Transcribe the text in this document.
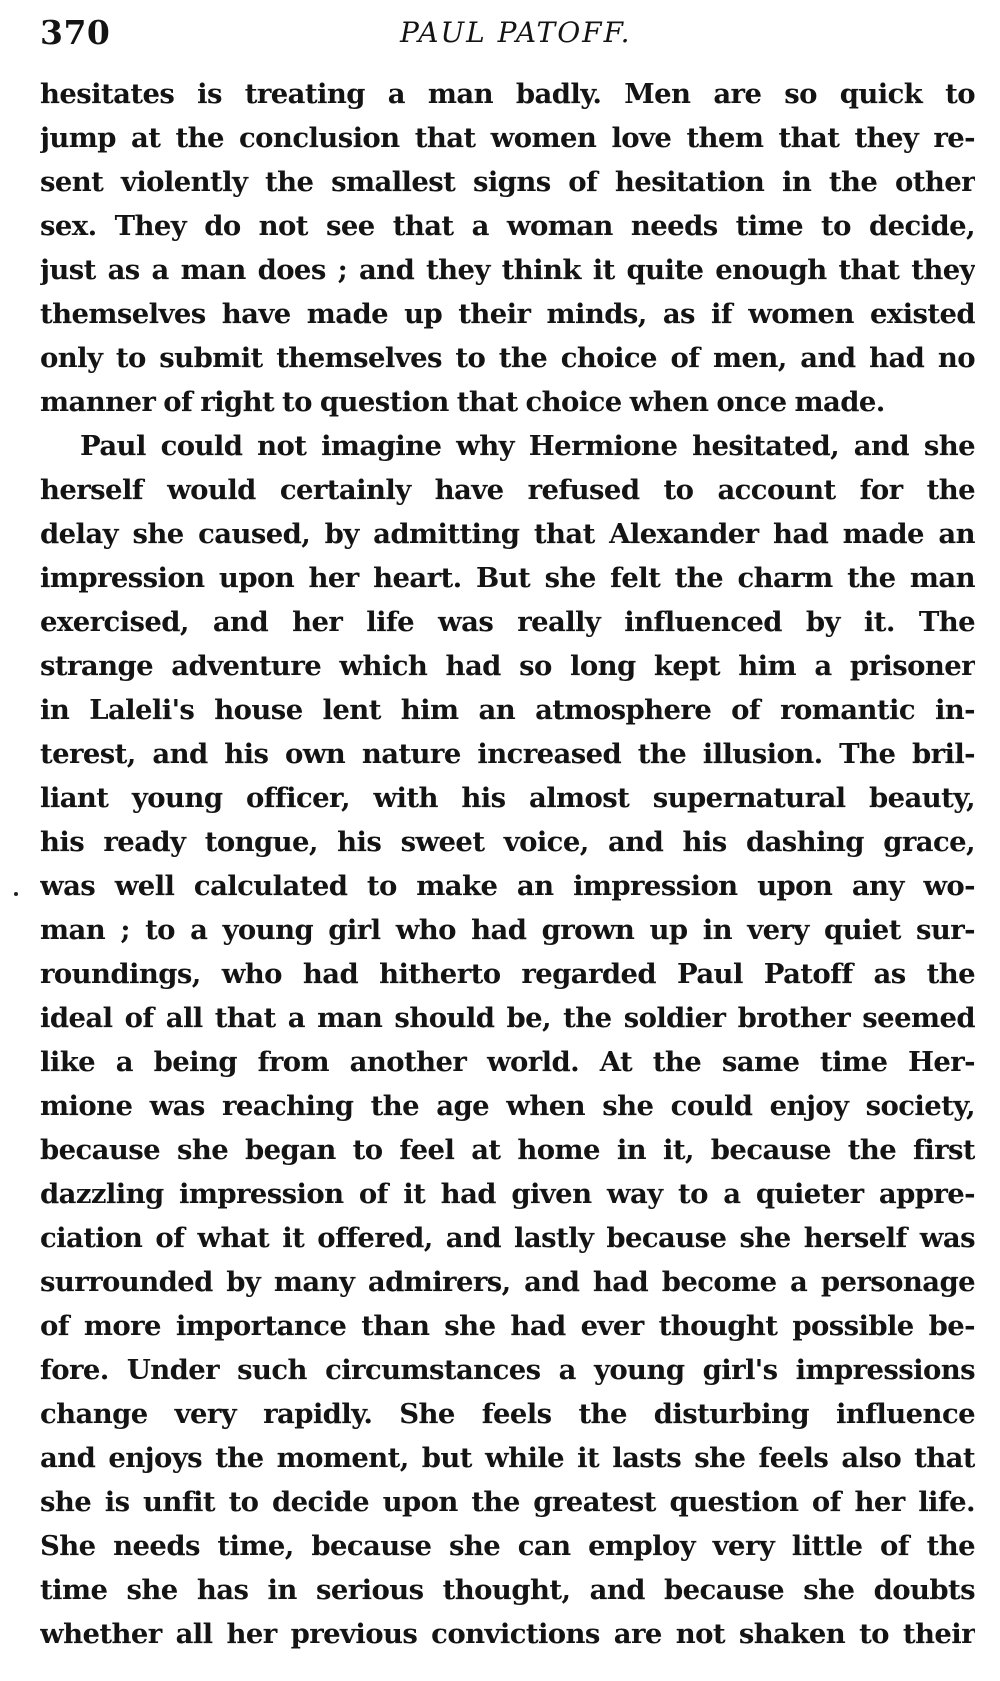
370	PAUL PATOFF.
hesitates is treating a man badly. Men are so quick to
jump at the conclusion that women love them that they re-
sent violently the smallest signs of hesitation in the other
sex. They do not see that a woman needs time to decide,
just as a man does ; and they think it quite enough that they
themselves have made up their minds, as if women existed
only to submit themselves to the choice of men, and had no
manner of right to question that choice when once made.
Paul could not imagine why Hermione hesitated, and she
herself would certainly have refused to account for the
delay she caused, by admitting that Alexander had made an
impression upon her heart. But she felt the charm the man
exercised, and her life was really influenced by it. The
strange adventure which had so long kept him a prisoner
in Laleli's house lent him an atmosphere of romantic in-
terest, and his own nature increased the illusion. The bril-
liant young officer, with his almost supernatural beauty,
his ready tongue, his sweet voice, and his dashing grace,
was well calculated to make an impression upon any wo-
man ; to a young girl who had grown up in very quiet sur-
roundings, who had hitherto regarded Paul Patoff as the
ideal of all that a man should be, the soldier brother seemed
like a being from another world. At the same time Her-
mione was reaching the age when she could enjoy society,
because she began to feel at home in it, because the first
dazzling impression of it had given way to a quieter appre-
ciation of what it offered, and lastly because she herself was
surrounded by many admirers, and had become a personage
of more importance than she had ever thought possible be-
fore. Under such circumstances a young girl's impressions
change very rapidly. She feels the disturbing influence
and enjoys the moment, but while it lasts she feels also that
she is unfit to decide upon the greatest question of her life.
She needs time, because she can employ very little of the
time she has in serious thought, and because she doubts
whether all her previous convictions are not shaken to their
